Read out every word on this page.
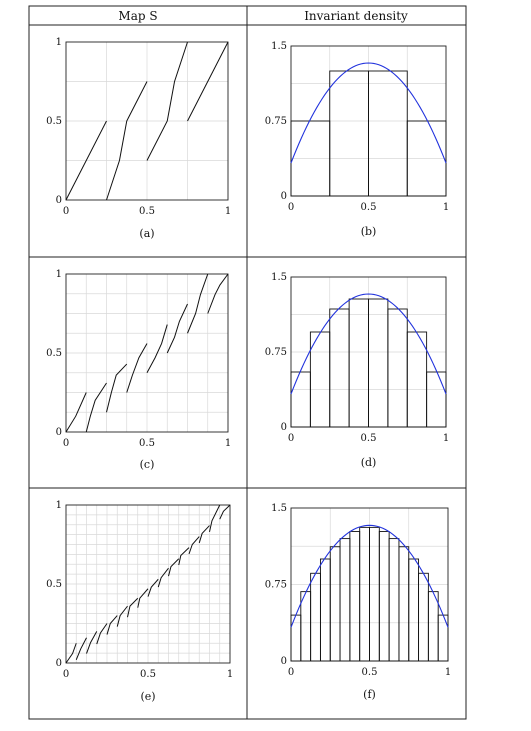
Map S	Invariant density
0	0.5	1
0
0.5
1
(a)
0	0.5	1
0
0.75
1.5
(b)
0	0.5	1
0
0.5
1
(c)
0	0.5	1
0
0.75
1.5
(d)
0	0.5	1
0
0.5
1
(e)
0	0.5	1
0
0.75
1.5
(f)
